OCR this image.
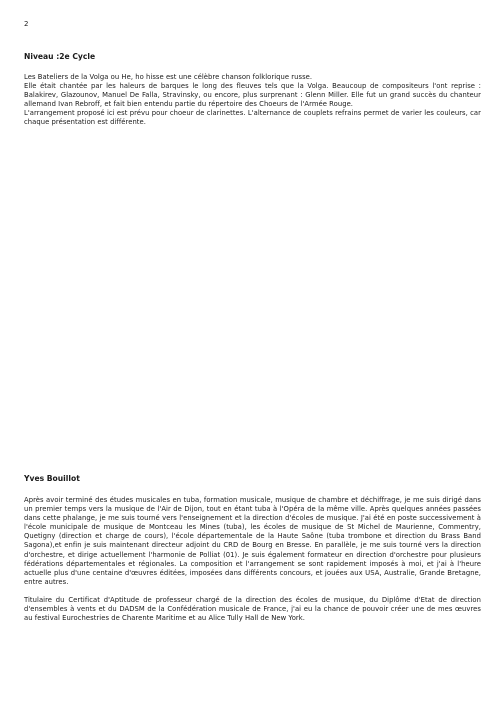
2
Niveau :2e Cycle

Les Bateliers de la Volga ou He, ho hisse est une célèbre chanson folklorique russe.

Elle était chantée par les haleurs de barques le long des fleuves tels que la Volga. Beaucoup de compositeurs l'ont reprise : Balakirev, Glazounov, Manuel De Falla, Stravinsky, ou encore, plus surprenant : Glenn Miller. Elle fut un grand succès du chanteur allemand Ivan Rebroff, et fait bien entendu partie du répertoire des Choeurs de l'Armée Rouge.

L'arrangement proposé ici est prévu pour choeur de clarinettes. L'alternance de couplets refrains permet de varier les couleurs, car chaque présentation est différente.

Yves Bouillot

Après avoir terminé des études musicales en tuba, formation musicale, musique de chambre et déchiffrage, je me suis dirigé dans un premier temps vers la musique de l'Air de Dijon, tout en étant tuba à l'Opéra de la même ville. Après quelques années passées dans cette phalange, je me suis tourné vers l'enseignement et la direction d'écoles de musique. J'ai été en poste successivement à l'école municipale de musique de Montceau les Mines (tuba), les écoles de musique de St Michel de Maurienne, Commentry, Quetigny (direction et charge de cours), l'école départementale de la Haute Saône (tuba trombone et direction du Brass Band Sagona),et enfin je suis maintenant directeur adjoint du CRD de Bourg en Bresse. En parallèle, je me suis tourné vers la direction d'orchestre, et dirige actuellement l'harmonie de Polliat (01). Je suis également formateur en direction d'orchestre pour plusieurs fédérations départementales et régionales. La composition et l'arrangement se sont rapidement imposés à moi, et j'ai à l'heure actuelle plus d'une centaine d'œuvres éditées, imposées dans différents concours, et jouées aux USA, Australie, Grande Bretagne, entre autres.

Titulaire du Certificat d'Aptitude de professeur chargé de la direction des écoles de musique, du Diplôme d'Etat de direction d'ensembles à vents et du DADSM de la Confédération musicale de France, j'ai eu la chance de pouvoir créer une de mes œuvres au festival Eurochestries de Charente Maritime et au Alice Tully Hall de New York.
